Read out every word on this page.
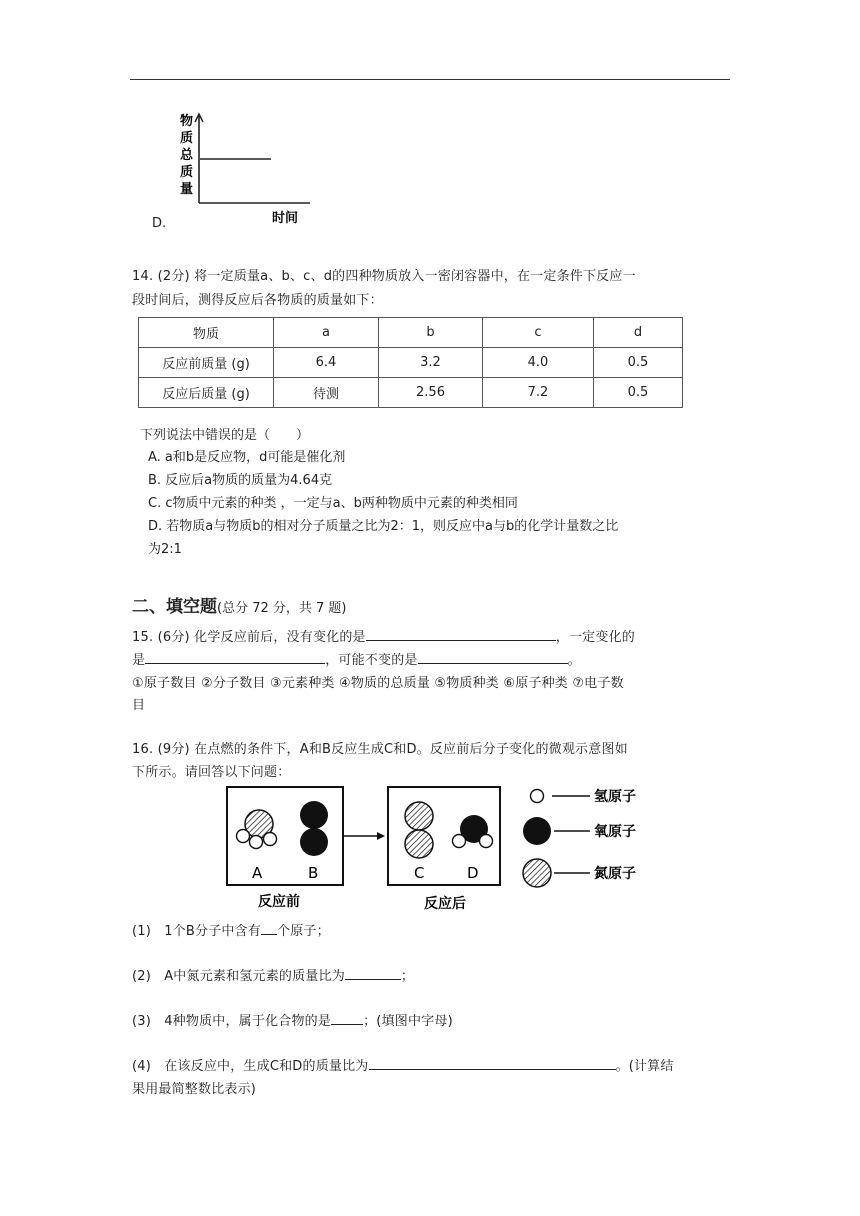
物
质
总
质
量
时间
D.
14. (2分) 将一定质量a、b、c、d的四种物质放入一密闭容器中，在一定条件下反应一
段时间后，测得反应后各物质的质量如下：
物质	a	b	c	d
反应前质量 (g)	6.4	3.2	4.0	0.5
反应后质量 (g)	待测	2.56	7.2	0.5
下列说法中错误的是（　　）
A. a和b是反应物，d可能是催化剂
B. 反应后a物质的质量为4.64克
C. c物质中元素的种类 ，一定与a、b两种物质中元素的种类相同
D. 若物质a与物质b的相对分子质量之比为2：1，则反应中a与b的化学计量数之比
为2:1
二、填空题(总分 72 分，共 7 题)
15. (6分) 化学反应前后，没有变化的是	，一定变化的
是	，可能不变的是	。
①原子数目 ②分子数目 ③元素种类 ④物质的总质量 ⑤物质种类 ⑥原子种类 ⑦电子数
目
16. (9分) 在点燃的条件下，A和B反应生成C和D。反应前后分子变化的微观示意图如
下所示。请回答以下问题：
A	B	C	D
反应前	反应后
氢原子
氧原子
氮原子
(1)　1个B分子中含有 个原子；
(2)　A中氮元素和氢元素的质量比为	；
(3)　4种物质中，属于化合物的是 ；(填图中字母)
(4)　在该反应中，生成C和D的质量比为	。(计算结
果用最简整数比表示)
